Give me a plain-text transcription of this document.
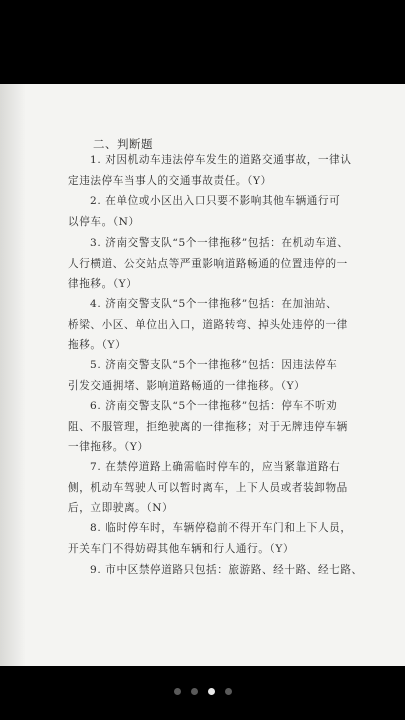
二、判断题
1. 对因机动车违法停车发生的道路交通事故，一律认
定违法停车当事人的交通事故责任。（Y）
2. 在单位或小区出入口只要不影响其他车辆通行可
以停车。（N）
3. 济南交警支队“5个一律拖移”包括：在机动车道、
人行横道、公交站点等严重影响道路畅通的位置违停的一
律拖移。（Y）
4. 济南交警支队“5个一律拖移”包括：在加油站、
桥梁、小区、单位出入口，道路转弯、掉头处违停的一律
拖移。（Y）
5. 济南交警支队“5个一律拖移”包括：因违法停车
引发交通拥堵、影响道路畅通的一律拖移。（Y）
6. 济南交警支队“5个一律拖移”包括：停车不听劝
阻、不服管理，拒绝驶离的一律拖移；对于无牌违停车辆
一律拖移。（Y）
7. 在禁停道路上确需临时停车的，应当紧靠道路右
侧，机动车驾驶人可以暂时离车，上下人员或者装卸物品
后，立即驶离。（N）
8. 临时停车时，车辆停稳前不得开车门和上下人员，
开关车门不得妨碍其他车辆和行人通行。（Y）
9. 市中区禁停道路只包括：旅游路、经十路、经七路、
